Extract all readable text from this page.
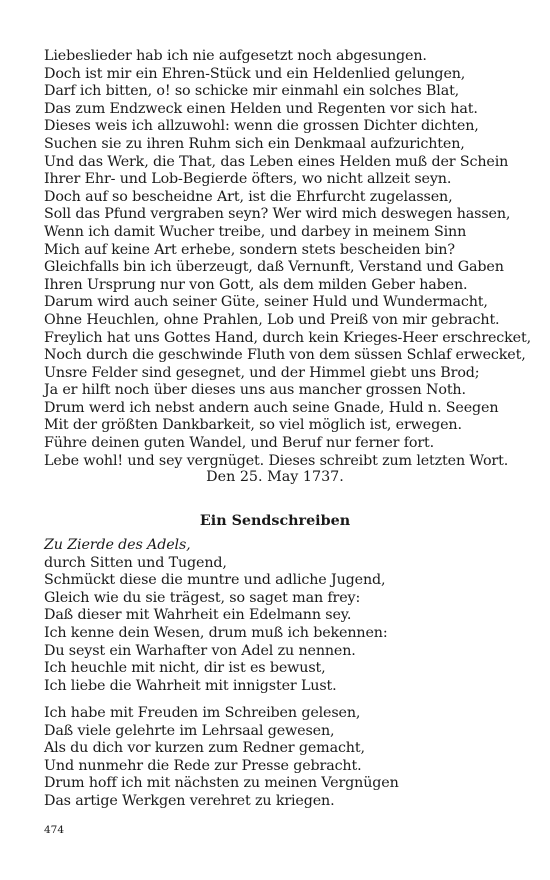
Liebeslieder hab ich nie aufgesetzt noch abgesungen.
Doch ist mir ein Ehren-Stück und ein Heldenlied gelungen,
Darf ich bitten, o! so schicke mir einmahl ein solches Blat,
Das zum Endzweck einen Helden und Regenten vor sich hat.
Dieses weis ich allzuwohl: wenn die grossen Dichter dichten,
Suchen sie zu ihren Ruhm sich ein Denkmaal aufzurichten,
Und das Werk, die That, das Leben eines Helden muß der Schein
Ihrer Ehr- und Lob-Begierde öfters, wo nicht allzeit seyn.
Doch auf so bescheidne Art, ist die Ehrfurcht zugelassen,
Soll das Pfund vergraben seyn? Wer wird mich deswegen hassen,
Wenn ich damit Wucher treibe, und darbey in meinem Sinn
Mich auf keine Art erhebe, sondern stets bescheiden bin?
Gleichfalls bin ich überzeugt, daß Vernunft, Verstand und Gaben
Ihren Ursprung nur von Gott, als dem milden Geber haben.
Darum wird auch seiner Güte, seiner Huld und Wundermacht,
Ohne Heuchlen, ohne Prahlen, Lob und Preiß von mir gebracht.
Freylich hat uns Gottes Hand, durch kein Krieges-Heer erschrecket,
Noch durch die geschwinde Fluth von dem süssen Schlaf erwecket,
Unsre Felder sind gesegnet, und der Himmel giebt uns Brod;
Ja er hilft noch über dieses uns aus mancher grossen Noth.
Drum werd ich nebst andern auch seine Gnade, Huld n. Seegen
Mit der größten Dankbarkeit, so viel möglich ist, erwegen.
Führe deinen guten Wandel, und Beruf nur ferner fort.
Lebe wohl! und sey vergnüget. Dieses schreibt zum letzten Wort.
Den 25. May 1737.
Ein Sendschreiben
Zu Zierde des Adels,
durch Sitten und Tugend,
Schmückt diese die muntre und adliche Jugend,
Gleich wie du sie trägest, so saget man frey:
Daß dieser mit Wahrheit ein Edelmann sey.
Ich kenne dein Wesen, drum muß ich bekennen:
Du seyst ein Warhafter von Adel zu nennen.
Ich heuchle mit nicht, dir ist es bewust,
Ich liebe die Wahrheit mit innigster Lust.
Ich habe mit Freuden im Schreiben gelesen,
Daß viele gelehrte im Lehrsaal gewesen,
Als du dich vor kurzen zum Redner gemacht,
Und nunmehr die Rede zur Presse gebracht.
Drum hoff ich mit nächsten zu meinen Vergnügen
Das artige Werkgen verehret zu kriegen.
474
